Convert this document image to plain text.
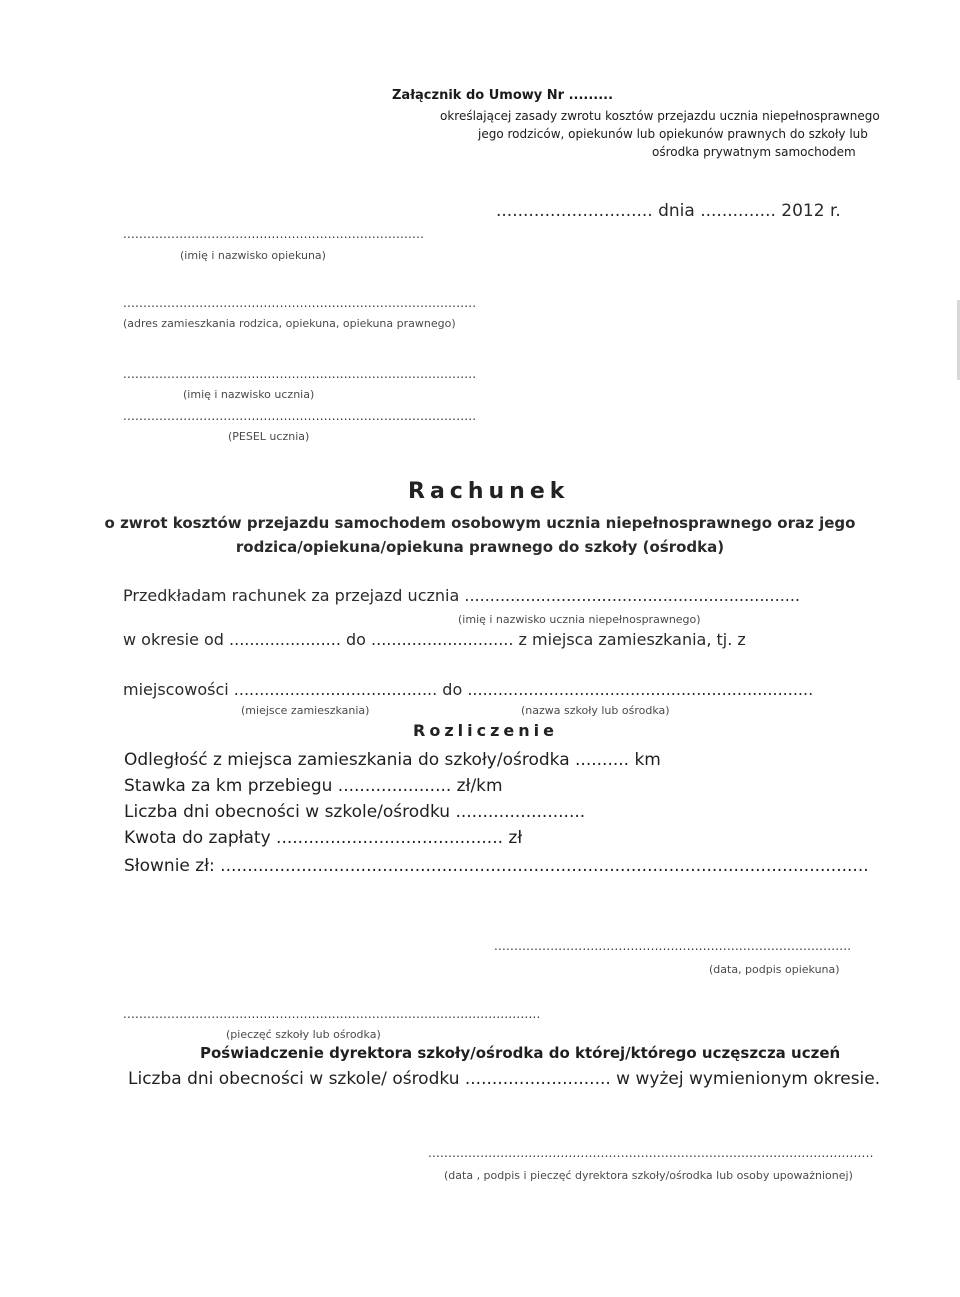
Załącznik do Umowy Nr .........
określającej zasady zwrotu kosztów przejazdu ucznia niepełnosprawnego
jego rodziców, opiekunów lub opiekunów prawnych do szkoły lub
ośrodka prywatnym samochodem
............................. dnia .............. 2012 r.
...........................................................................
(imię i nazwisko opiekuna)
........................................................................................
(adres zamieszkania rodzica, opiekuna, opiekuna prawnego)
........................................................................................
(imię i nazwisko ucznia)
........................................................................................
(PESEL ucznia)
Rachunek
o zwrot kosztów przejazdu samochodem osobowym ucznia niepełnosprawnego oraz jego rodzica/opiekuna/opiekuna prawnego do szkoły (ośrodka)
Przedkładam rachunek za przejazd ucznia ..................................................................
(imię i nazwisko ucznia niepełnosprawnego)
w okresie od ...................... do ............................ z miejsca zamieszkania, tj. z
miejscowości ........................................ do ....................................................................
(miejsce zamieszkania)	(nazwa szkoły lub ośrodka)
Rozliczenie
Odległość z miejsca zamieszkania do szkoły/ośrodka .......... km
Stawka za km przebiegu ..................... zł/km
Liczba dni obecności w szkole/ośrodku ........................
Kwota do zapłaty .......................................... zł
Słownie zł: ........................................................................................................................
.........................................................................................
(data, podpis opiekuna)
........................................................................................................
(pieczęć szkoły lub ośrodka)
Poświadczenie dyrektora szkoły/ośrodka do której/którego uczęszcza uczeń
Liczba dni obecności w szkole/ ośrodku ........................... w wyżej wymienionym okresie.
...............................................................................................................
(data , podpis i pieczęć dyrektora szkoły/ośrodka lub osoby upoważnionej)
